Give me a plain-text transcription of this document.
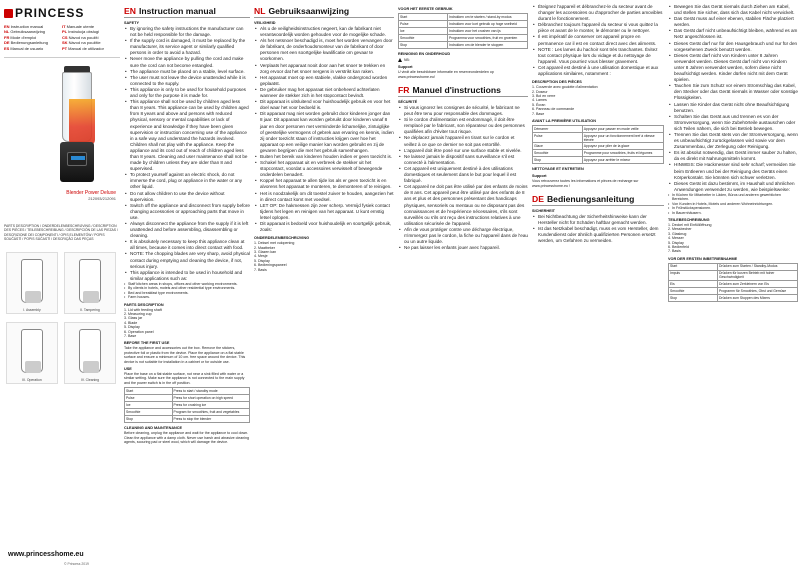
PRINCESS
ENInstruction manual	ITManuale utente
NLGebruiksaanwijzing	PLInstrukcja obsługi
FRMode d'emploi	CSNávod na použití
DEBedienungsanleitung	SKNávod na použitie
ESManual de usuario	PTManual de utilizador
Blender Power Deluxe
212093/212091
PARTS DESCRIPTION / ONDERDELENBESCHRIJVING / DESCRIPTION DES PIÈCES / TEILEBESCHREIBUNG / DESCRIPCIÓN DE LAS PIEZAS / DESCRIZIONE DEI COMPONENTI / OPIS ELEMENTÓW / POPIS SOUČÁSTÍ / POPIS SÚČASTÍ / DESCRIÇÃO DAS PEÇAS
I. Assembly	II. Tampering
III. Operation	IV. Cleaning
www.princesshome.eu
© Princess 2019
EN Instruction manual
SAFETY
• By ignoring the safety instructions the manufacturer can not be held responsible for the damage.
• If the supply cord is damaged, it must be replaced by the manufacturer, its service agent or similarly qualified persons in order to avoid a hazard.
• Never move the appliance by pulling the cord and make sure the cord can not become entangled.
• The appliance must be placed on a stable, level surface.
• The user must not leave the device unattended while it is connected to the supply.
• This appliance is only to be used for household purposes and only for the purpose it is made for.
• This appliance shall not be used by children aged less than 8 years. This appliance can be used by children aged from 8 years and above and persons with reduced physical, sensory or mental capabilities or lack of experience and knowledge if they have been given supervision or instruction concerning use of the appliance in a safe way and understand the hazards involved. Children shall not play with the appliance. Keep the appliance and its cord out of reach of children aged less than 8 years. Cleaning and user maintenance shall not be made by children unless they are older than 8 and supervised.
• To protect yourself against an electric shock, do not immerse the cord, plug or appliance in the water or any other liquid.
• Do not allow children to use the device without supervision.
• Switch off the appliance and disconnect from supply before changing accessories or approaching parts that move in use.
• Always disconnect the appliance from the supply if it is left unattended and before assembling, disassembling or cleaning.
• It is absolutely necessary to keep this appliance clean at all times, because it comes into direct contact with food.
• NOTE: The chopping blades are very sharp, avoid physical contact during emptying and cleaning the device, if not, serious injury.
• This appliance is intended to be used in household and similar applications such as:
• Staff kitchen areas in shops, offices and other working environments.
• By clients in hotels, motels and other residential type environments.
• Bed and breakfast type environments.
• Farm houses.
PARTS DESCRIPTION
1. Lid with feeding shaft
2. Measuring cup
3. Glass jar
4. Blade
5. Display
6. Operation panel
7. Base
BEFORE THE FIRST USE

Take the appliance and accessories out the box. Remove the stickers, protective foil or plastic from the device. Place the appliance on a flat stable surface and ensure a minimum of 10 cm. free space around the device. This device is not suitable for installation in a cabinet or for outside use.

USE

Place the base on a flat stable surface, not near a sink filled with water or a similar setting. Make sure the appliance is not connected to the main supply and the power switch is in the off position.

Start	Press to start / standby mode
Pulse	Press for short operation on high speed
Ice	Press for crushing ice
Smoothie	Program for smoothies, fruit and vegetables
Stop	Press to stop the blender
CLEANING AND MAINTENANCE

Before cleaning, unplug the appliance and wait for the appliance to cool down. Clean the appliance with a damp cloth. Never use harsh and abrasive cleaning agents, scouring pad or steel wool, which will damage the device.

NL Gebruiksaanwijzing
VEILIGHEID
• Als u de veiligheidsinstructies negeert, kan de fabrikant niet verantwoordelijk worden gehouden voor de mogelijke schade.
• Als het netsnoer beschadigd is, moet het worden vervangen door de fabrikant, de onderhoudsmonteur van de fabrikant of door personen met een soortgelijke kwalificatie om gevaar te voorkomen.
• Verplaats het apparaat nooit door aan het snoer te trekken en zorg ervoor dat het snoer nergens in verstrikt kan raken.
• Het apparaat moet op een stabiele, vlakke ondergrond worden geplaatst.
• De gebruiker mag het apparaat niet onbeheerd achterlaten wanneer de stekker zich in het stopcontact bevindt.
• Dit apparaat is uitsluitend voor huishoudelijk gebruik en voor het doel waar het voor bedoeld is.
• Dit apparaat mag niet worden gebruikt door kinderen jonger dan 8 jaar. Dit apparaat kan worden gebruikt door kinderen vanaf 8 jaar en door personen met verminderde lichamelijke, zintuiglijke of geestelijke vermogens of gebrek aan ervaring en kennis, indien zij onder toezicht staan of instructies krijgen over hoe het apparaat op een veilige manier kan worden gebruikt en zij de gevaren begrijpen die met het gebruik samenhangen.
• Buiten het bereik van kinderen houden indien er geen toezicht is.
• Schakel het apparaat uit en verbreek de stekker uit het stopcontact, voordat u accessoires verwisselt of bewegende onderdelen benadert.
• Koppel het apparaat te allen tijde los als er geen toezicht is en alvorens het apparaat te monteren, te demonteren of te reinigen.
• Het is noodzakelijk om dit toestel zuiver te houden, aangezien het in direct contact komt met voedsel.
• LET OP: De hakmessen zijn zeer scherp. Vermijd fysiek contact tijdens het legen en reinigen van het apparaat. U kunt ernstig letsel oplopen.
• Dit apparaat is bedoeld voor huishoudelijk en soortgelijk gebruik, zoals:
ONDERDELENBESCHRIJVING
1. Deksel met vulopening
2. Maatbeker
3. Glazen kan
4. Mesje
5. Display
6. Bedieningspaneel
7. Basis
VOOR HET EERSTE GEBRUIK
Start	Indrukken om te starten / stand-by modus
Pulse	Indrukken voor kort gebruik op hoge snelheid
Ice	Indrukken voor het crushen van ijs
Smoothie	Programma voor smoothies, fruit en groenten
Stop	Indrukken om de blender te stoppen
REINIGING EN ONDERHOUD
NB:
Support

U vindt alle beschikbare informatie en reserveonderdelen op www.princesshome.eu!

FR Manuel d'instructions
SÉCURITÉ
• Si vous ignorez les consignes de sécurité, le fabricant ne peut être tenu pour responsable des dommages.
• Si le cordon d'alimentation est endommagé, il doit être remplacé par le fabricant, son réparateur ou des personnes qualifiées afin d'éviter tout risque.
• Ne déplacez jamais l'appareil en tirant sur le cordon et veillez à ce que ce dernier ne soit pas entortillé.
• L'appareil doit être posé sur une surface stable et nivelée.
• Ne laissez jamais le dispositif sans surveillance s'il est connecté à l'alimentation.
• Cet appareil est uniquement destiné à des utilisations domestiques et seulement dans le but pour lequel il est fabriqué.
• Cet appareil ne doit pas être utilisé par des enfants de moins de 8 ans. Cet appareil peut être utilisé par des enfants de 8 ans et plus et des personnes présentant des handicaps physiques, sensoriels ou mentaux ou ne disposant pas des connaissances et de l'expérience nécessaires, s'ils sont surveillés ou s'ils ont reçu des instructions relatives à une utilisation sécurisée de l'appareil.
• Afin de vous protéger contre une décharge électrique, n'immergez pas le cordon, la fiche ou l'appareil dans de l'eau ou un autre liquide.
• Ne pas laisser les enfants jouer avec l'appareil.
• Éteignez l'appareil et débranchez-le du secteur avant de changer les accessoires ou d'approcher de parties amovibles durant le fonctionnement.
• Débranchez toujours l'appareil du secteur si vous quittez la pièce et avant de le monter, le démonter ou le nettoyer.
• Il est impératif de conserver cet appareil propre en permanence car il est en contact direct avec des aliments.
• NOTE : Les lames du hachoir sont très tranchantes. Évitez tout contact physique lors du vidage et du nettoyage de l'appareil. Vous pourriez vous blesser gravement.
• Cet appareil est destiné à une utilisation domestique et aux applications similaires, notamment :
DESCRIPTION DES PIÈCES
1. Couvercle avec goulotte d'alimentation
2. Doseur
3. Bol en verre
4. Lames
5. Écran
6. Panneau de commande
7. Base
AVANT LA PREMIÈRE UTILISATION
Démarrer	Appuyez pour passer en mode veille
Pulse	Appuyez pour un fonctionnement bref à vitesse élevée
Glace	Appuyez pour piler de la glace
Smoothie	Programme pour smoothies, fruits et légumes
Stop	Appuyez pour arrêter le mixeur
NETTOYAGE ET ENTRETIEN
Support

Vous retrouverez toutes les informations et pièces de rechange sur www.princesshome.eu !

DE Bedienungsanleitung
SICHERHEIT
• Bei Nichtbeachtung der Sicherheitshinweise kann der Hersteller nicht für Schäden haftbar gemacht werden.
• Ist das Netzkabel beschädigt, muss es vom Hersteller, dem Kundendienst oder ähnlich qualifizierten Personen ersetzt werden, um Gefahren zu vermeiden.
• Bewegen Sie das Gerät niemals durch Ziehen am Kabel, und stellen Sie sicher, dass sich das Kabel nicht verwickelt.
• Das Gerät muss auf einer ebenen, stabilen Fläche platziert werden.
• Das Gerät darf nicht unbeaufsichtigt bleiben, während es am Netz angeschlossen ist.
• Dieses Gerät darf nur für den Hausgebrauch und nur für den vorgesehenen Zweck benutzt werden.
• Dieses Gerät darf nicht von Kindern unter 8 Jahren verwendet werden. Dieses Gerät darf nicht von Kindern unter 8 Jahren verwendet werden, sofern diese nicht beaufsichtigt werden. Kinder dürfen nicht mit dem Gerät spielen.
• Tauchen Sie zum Schutz vor einem Stromschlag das Kabel, den Stecker oder das Gerät niemals in Wasser oder sonstige Flüssigkeiten.
• Lassen Sie Kinder das Gerät nicht ohne Beaufsichtigung benutzen.
• Schalten Sie das Gerät aus und trennen es von der Stromversorgung, wenn Sie Zubehörteile austauschen oder sich Teilen nähern, die sich bei Betrieb bewegen.
• Trennen Sie das Gerät stets von der Stromversorgung, wenn es unbeaufsichtigt zurückgelassen wird sowie vor dem Zusammenbau, der Zerlegung oder Reinigung.
• Es ist absolut notwendig, das Gerät immer sauber zu halten, da es direkt mit Nahrungsmitteln kommt.
• HINWEIS: Die Hackmesser sind sehr scharf; vermeiden Sie beim Entleeren und bei der Reinigung des Geräts einen Körperkontakt. Sie könnten sich schwer verletzen.
• Dieses Gerät ist dazu bestimmt, im Haushalt und ähnlichen Anwendungen verwendet zu werden, wie beispielsweise:
• In Küchen für Mitarbeiter in Läden, Büros und anderen gewerblichen Bereichen.
• Von Kunden in Hotels, Motels und anderen Wohneinrichtungen.
• In Frühstückspensionen.
• In Bauernhäusern.
TEILEBESCHREIBUNG
1. Deckel mit Einfüllöffnung
2. Messbecher
3. Glaskrug
4. Messer
5. Display
6. Bedienfeld
7. Basis
VOR DER ERSTEN INBETRIEBNAHME
Start	Drücken zum Starten / Standby-Modus
Impuls	Drücken für kurzen Betrieb mit hoher Geschwindigkeit
Eis	Drücken zum Zerkleinern von Eis
Smoothie	Programm für Smoothies, Obst und Gemüse
Stop	Drücken zum Stoppen des Mixers
